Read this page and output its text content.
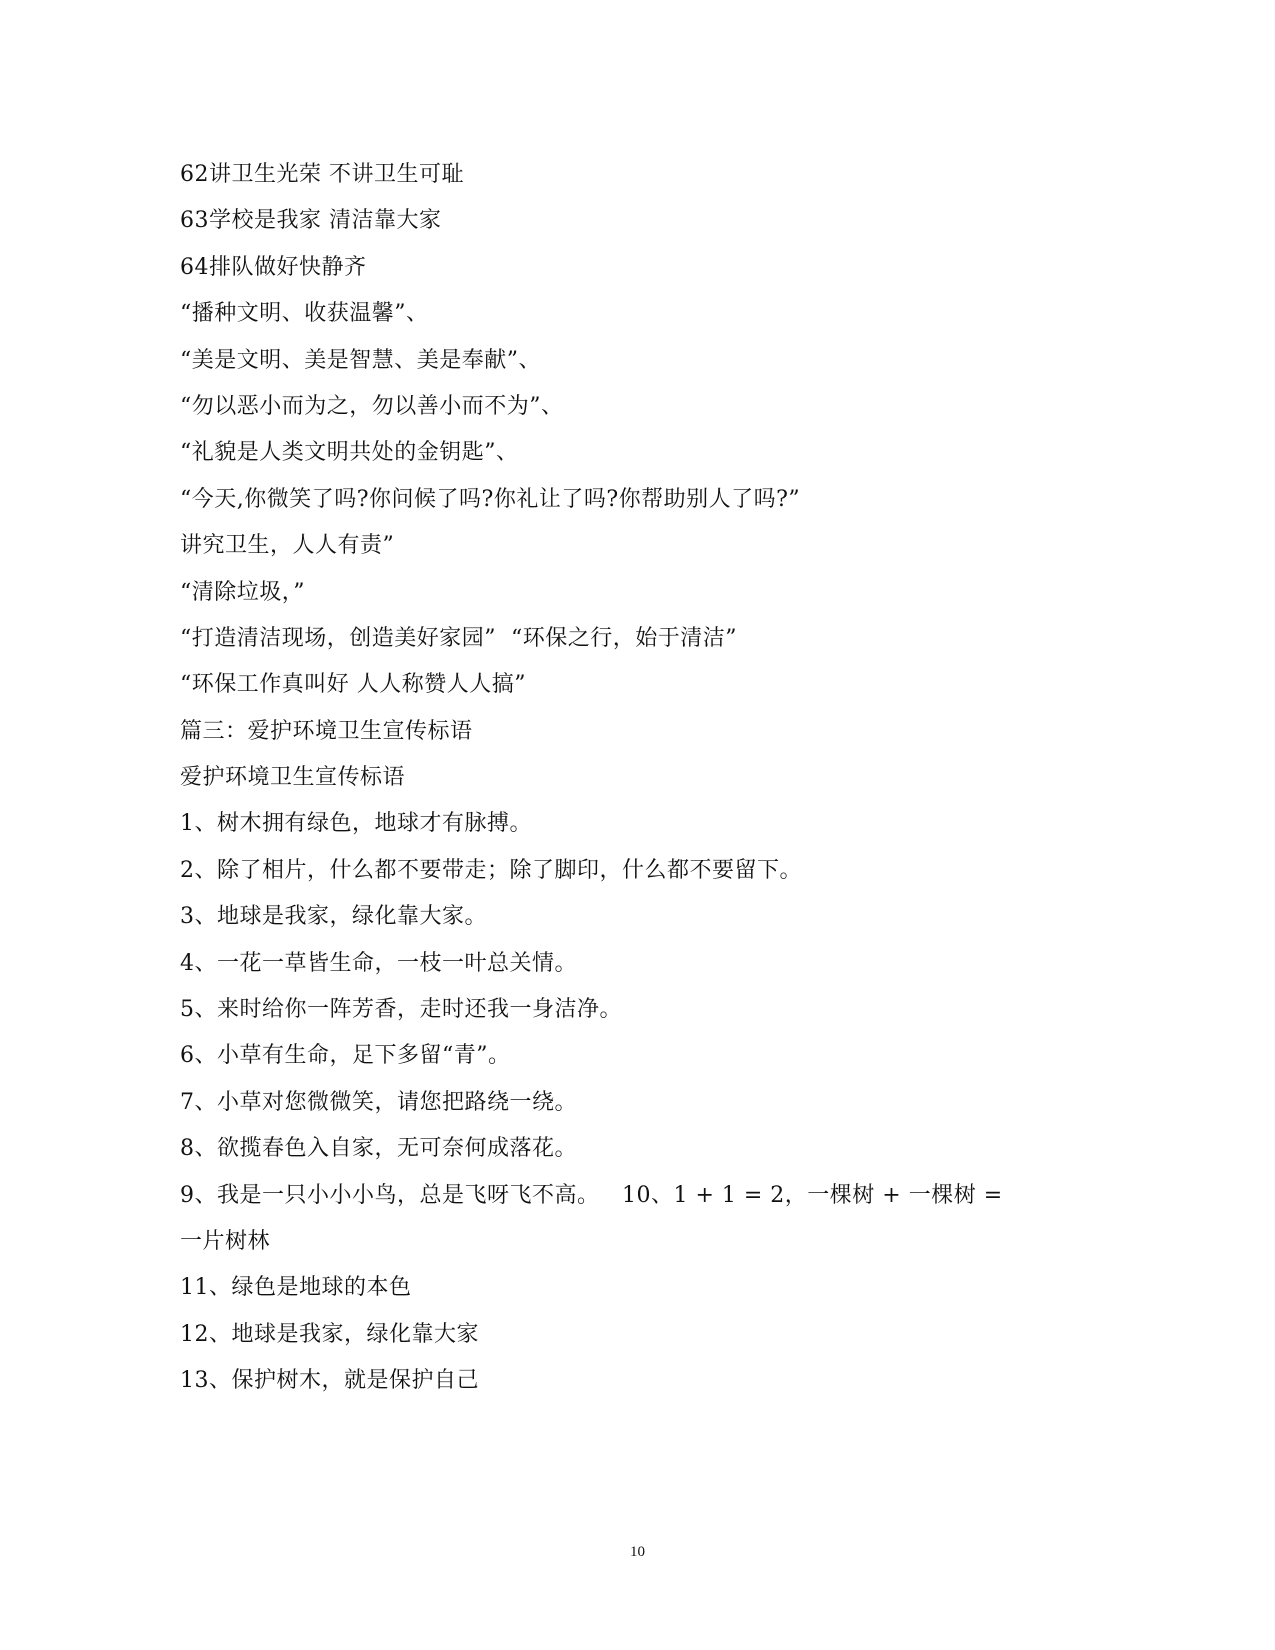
62讲卫生光荣 不讲卫生可耻
63学校是我家 清洁靠大家
64排队做好快静齐
“播种文明、收获温馨”、
“美是文明、美是智慧、美是奉献”、
“勿以恶小而为之，勿以善小而不为”、
“礼貌是人类文明共处的金钥匙”、
“今天,你微笑了吗?你问候了吗?你礼让了吗?你帮助别人了吗?”
讲究卫生，人人有责”
“清除垃圾，”
“打造清洁现场，创造美好家园”  “环保之行，始于清洁”
“环保工作真叫好 人人称赞人人搞”
篇三：爱护环境卫生宣传标语
爱护环境卫生宣传标语
1、树木拥有绿色，地球才有脉搏。
2、除了相片，什么都不要带走；除了脚印，什么都不要留下。
3、地球是我家，绿化靠大家。
4、一花一草皆生命，一枝一叶总关情。
5、来时给你一阵芳香，走时还我一身洁净。
6、小草有生命，足下多留“青”。
7、小草对您微微笑，请您把路绕一绕。
8、欲揽春色入自家，无可奈何成落花。
9、我是一只小小小鸟，总是飞呀飞不高。   10、1 + 1 = 2，一棵树 + 一棵树 =
一片树林
11、绿色是地球的本色
12、地球是我家，绿化靠大家
13、保护树木，就是保护自己
10
